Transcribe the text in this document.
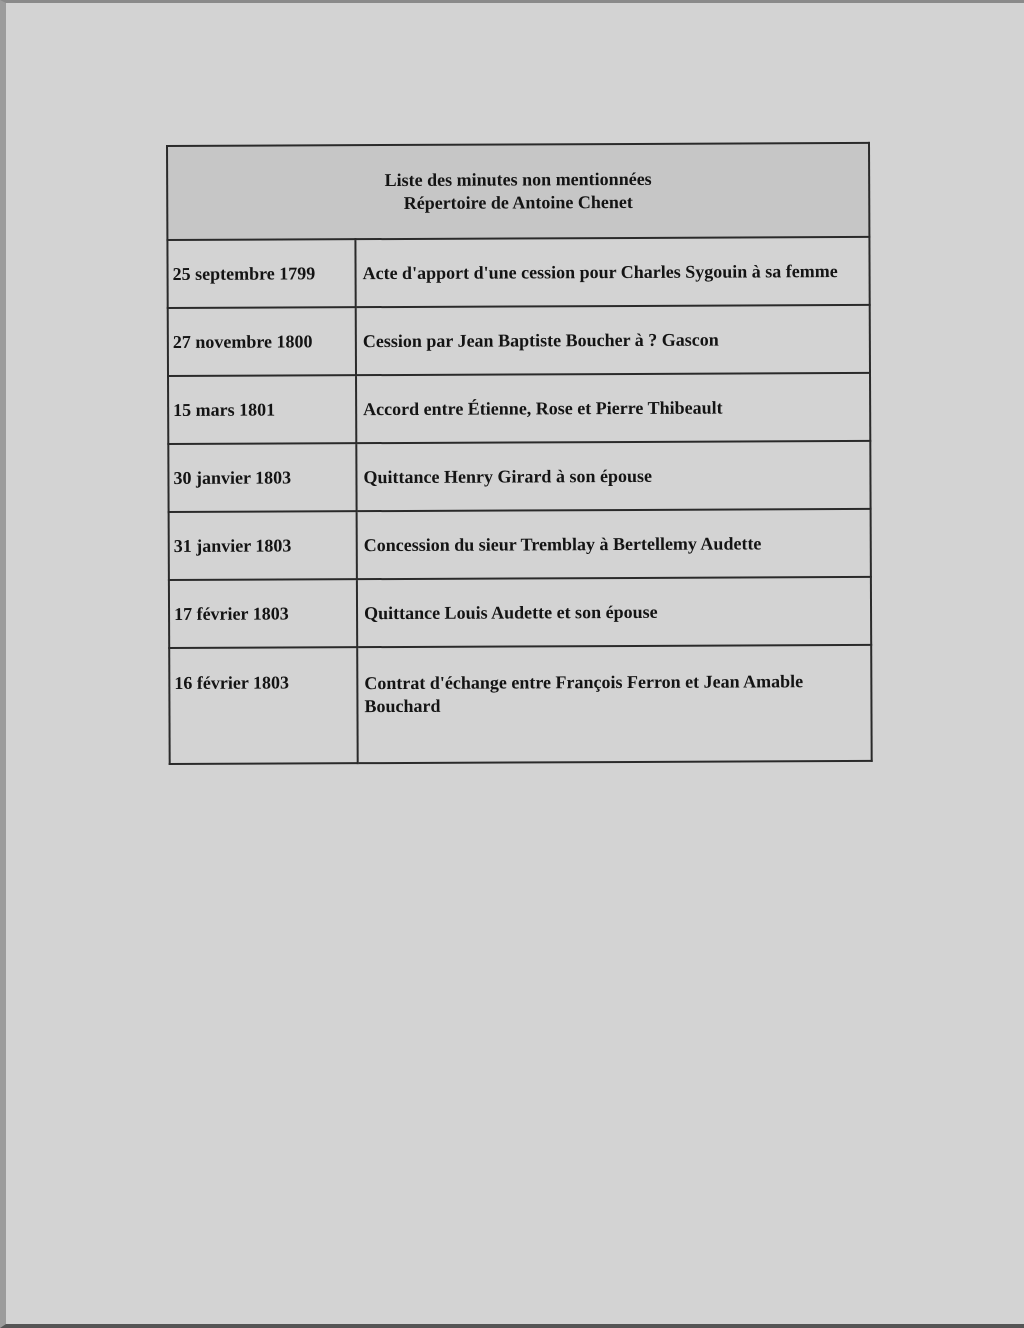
Liste des minutes non mentionnées
Répertoire de Antoine Chenet	

25 septembre 1799	Acte d'apport d'une cession pour Charles Sygouin à sa femme
27 novembre 1800	Cession par Jean Baptiste Boucher à ? Gascon
15 mars 1801	Accord entre Étienne, Rose et Pierre Thibeault
30 janvier 1803	Quittance Henry Girard à son épouse
31 janvier 1803	Concession du sieur Tremblay à Bertellemy Audette
17 février 1803	Quittance Louis Audette et son épouse
16 février 1803	Contrat d'échange entre François Ferron et Jean Amable Bouchard
